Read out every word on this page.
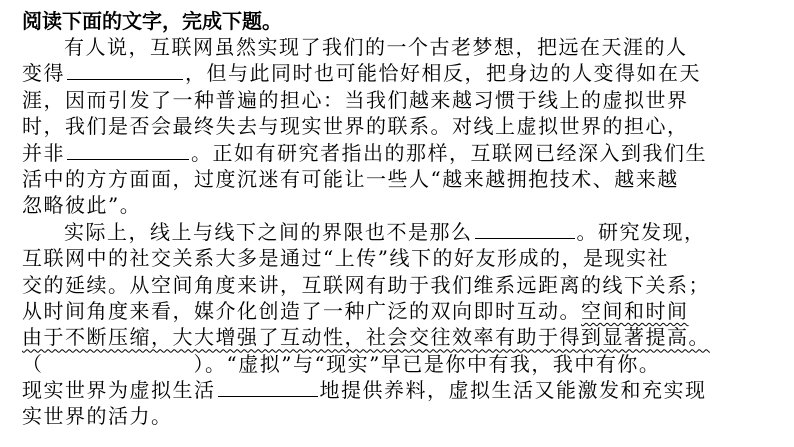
阅读下面的文字，完成下题。
有人说，互联网虽然实现了我们的一个古老梦想，把远在天涯的人
变得	，但与此同时也可能恰好相反，把身边的人变得如在天
涯，因而引发了一种普遍的担心：当我们越来越习惯于线上的虚拟世界
时，我们是否会最终失去与现实世界的联系。对线上虚拟世界的担心，
并非	。正如有研究者指出的那样，互联网已经深入到我们生
活中的方方面面，过度沉迷有可能让一些人“越来越拥抱技术、越来越
忽略彼此”。
实际上，线上与线下之间的界限也不是那么	。研究发现，
互联网中的社交关系大多是通过“上传”线下的好友形成的，是现实社
交的延续。从空间角度来讲，互联网有助于我们维系远距离的线下关系；
从时间角度来看，媒介化创造了一种广泛的双向即时互动。空间和时间
由于不断压缩，大大增强了互动性，社会交往效率有助于得到显著提高。
（	）。“虚拟”与“现实”早已是你中有我，我中有你。
现实世界为虚拟生活	地提供养料，虚拟生活又能激发和充实现
实世界的活力。
